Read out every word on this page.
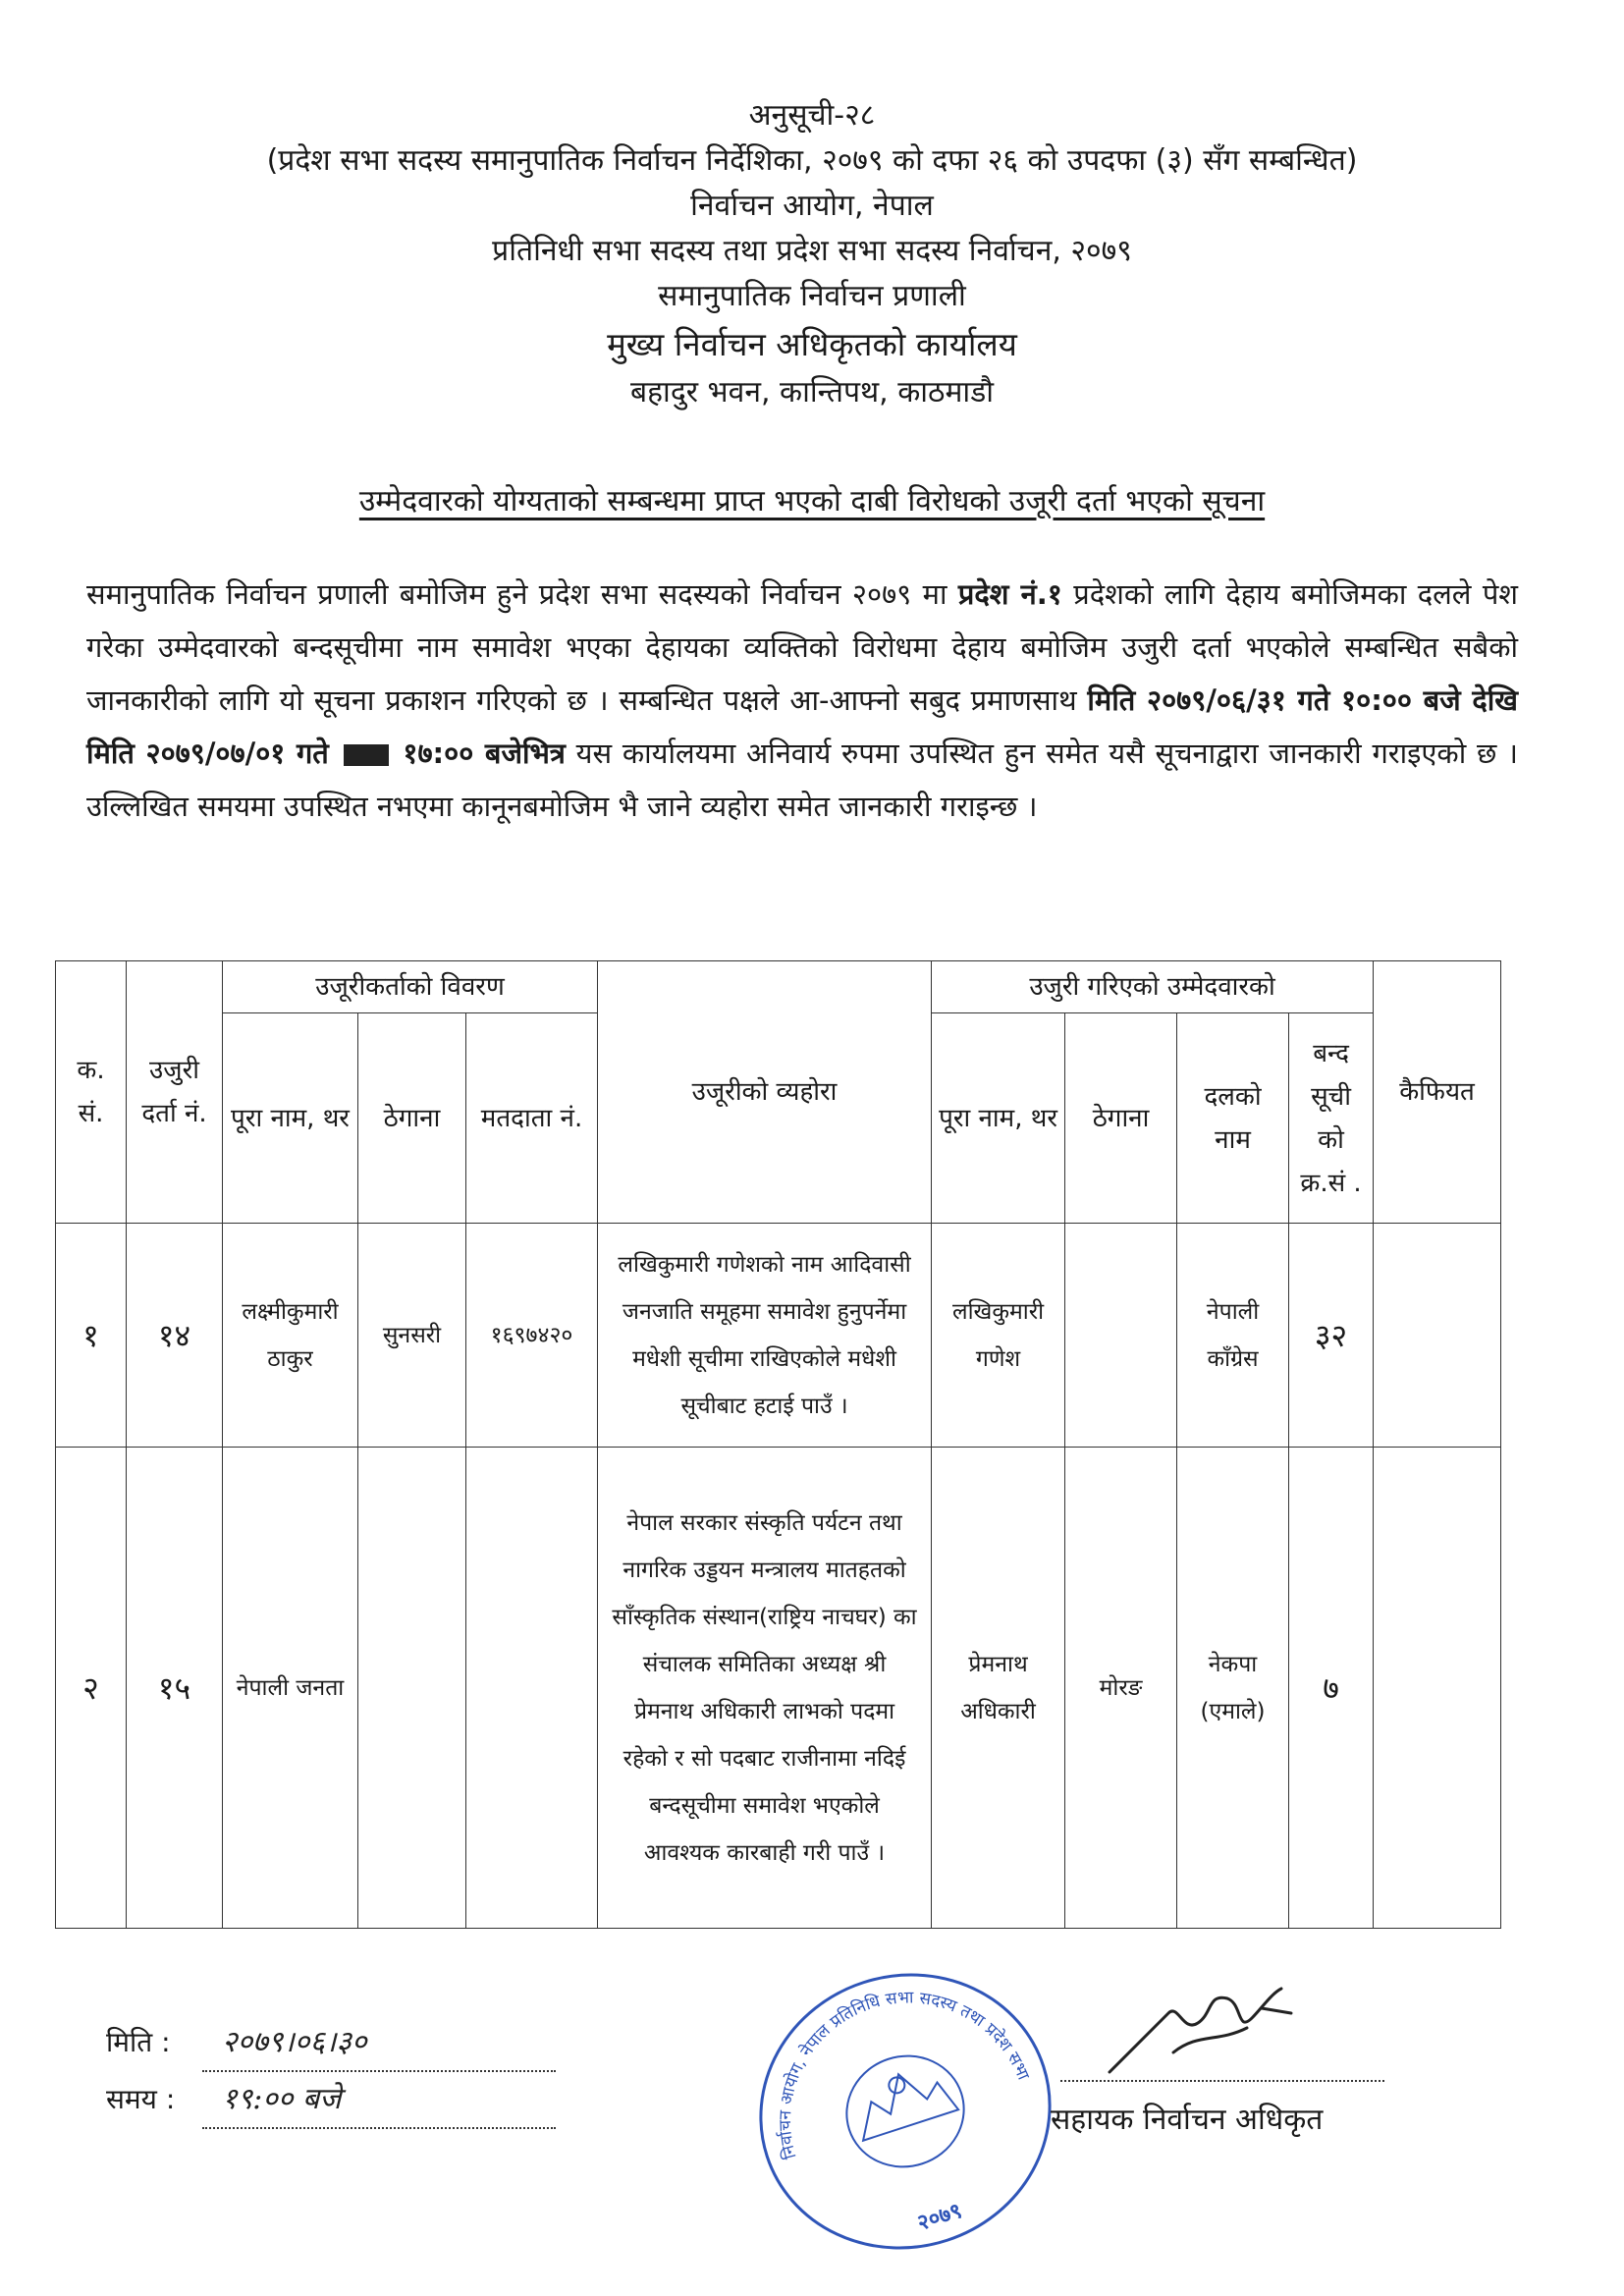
अनुसूची-२८
(प्रदेश सभा सदस्य समानुपातिक निर्वाचन निर्देशिका, २०७९ को दफा २६ को उपदफा (३) सँग सम्बन्धित)
निर्वाचन आयोग, नेपाल
प्रतिनिधी सभा सदस्य तथा प्रदेश सभा सदस्य निर्वाचन, २०७९
समानुपातिक निर्वाचन प्रणाली
मुख्य निर्वाचन अधिकृतको कार्यालय
बहादुर भवन, कान्तिपथ, काठमाडौ
उम्मेदवारको योग्यताको सम्बन्धमा प्राप्त भएको दाबी विरोधको उजूरी दर्ता भएको सूचना
समानुपातिक निर्वाचन प्रणाली बमोजिम हुने प्रदेश सभा सदस्यको निर्वाचन २०७९ मा प्रदेश नं.१ प्रदेशको लागि देहाय बमोजिमका दलले पेश गरेका उम्मेदवारको बन्दसूचीमा नाम समावेश भएका देहायका व्यक्तिको विरोधमा देहाय बमोजिम उजुरी दर्ता भएकोले सम्बन्धित सबैको जानकारीको लागि यो सूचना प्रकाशन गरिएको छ । सम्बन्धित पक्षले आ-आफ्नो सबुद प्रमाणसाथ मिति २०७९/०६/३१ गते १०:०० बजे देखि मिति २०७९/०७/०१ गते	१७:०० बजेभित्र यस कार्यालयमा अनिवार्य रुपमा उपस्थित हुन समेत यसै सूचनाद्वारा जानकारी गराइएको छ । उल्लिखित समयमा उपस्थित नभएमा कानूनबमोजिम भै जाने व्यहोरा समेत जानकारी गराइन्छ ।
क. सं.	उजुरी दर्ता नं.	उजूरीकर्ताको विवरण			उजूरीको व्यहोरा	उजुरी गरिएको उम्मेदवारको				कैफियत
		पूरा नाम, थर	ठेगाना	मतदाता नं.		पूरा नाम, थर	ठेगाना	दलको नाम	बन्द सूची को क्र.सं .	
१	१४	लक्ष्मीकुमारी ठाकुर	सुनसरी	१६९७४२०	लखिकुमारी गणेशको नाम आदिवासी जनजाति समूहमा समावेश हुनुपर्नेमा मधेशी सूचीमा राखिएकोले मधेशी सूचीबाट हटाई पाउँ ।	लखिकुमारी गणेश		नेपाली काँग्रेस	३२	
२	१५	नेपाली जनता			नेपाल सरकार संस्कृति पर्यटन तथा नागरिक उड्डयन मन्त्रालय मातहतको साँस्कृतिक संस्थान(राष्ट्रिय नाचघर) का संचालक समितिका अध्यक्ष श्री प्रेमनाथ अधिकारी लाभको पदमा रहेको र सो पदबाट राजीनामा नदिई बन्दसूचीमा समावेश भएकोले आवश्यक कारबाही गरी पाउँ ।	प्रेमनाथ अधिकारी	मोरङ	नेकपा (एमाले)	७	
मिति :	२०७९।०६।३०
समय :	१९:०० बजे
निर्वाचन आयोग, नेपाल प्रतिनिधि सभा सदस्य तथा प्रदेश सभा
२०७९
सहायक निर्वाचन अधिकृत
